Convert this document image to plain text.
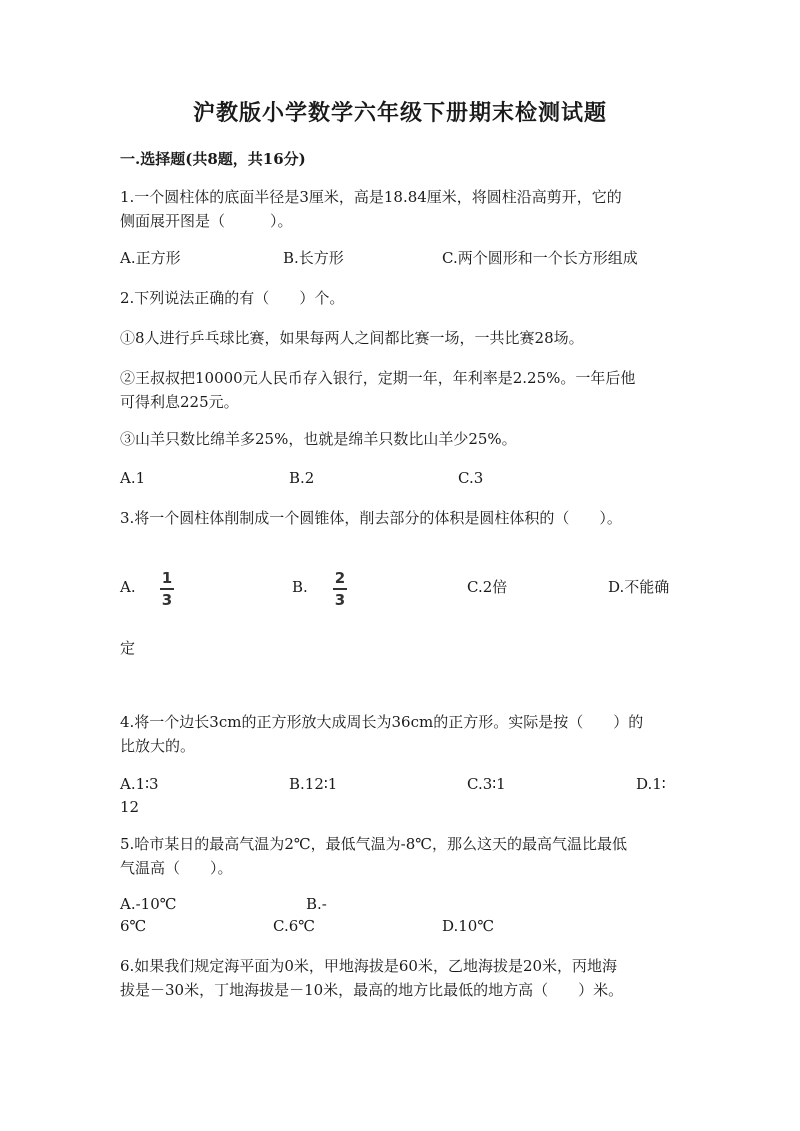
沪教版小学数学六年级下册期末检测试题
一.选择题(共8题，共16分)
1.一个圆柱体的底面半径是3厘米，高是18.84厘米，将圆柱沿高剪开，它的
侧面展开图是（　　　）。
A.正方形	B.长方形	C.两个圆形和一个长方形组成
2.下列说法正确的有（　　）个。
①8人进行乒乓球比赛，如果每两人之间都比赛一场，一共比赛28场。
②王叔叔把10000元人民币存入银行，定期一年，年利率是2.25%。一年后他
可得利息225元。
③山羊只数比绵羊多25%，也就是绵羊只数比山羊少25%。
A.1	B.2	C.3
3.将一个圆柱体削制成一个圆锥体，削去部分的体积是圆柱体积的（　　）。
A. 1
3
B. 2
3
C.2倍	D.不能确
定
4.将一个边长3cm的正方形放大成周长为36cm的正方形。实际是按（　　）的
比放大的。
A.1∶3	B.12∶1	C.3∶1	D.1∶
12
5.哈市某日的最高气温为2℃，最低气温为-8℃，那么这天的最高气温比最低
气温高（　　）。
A.-10℃	B.-
6℃	C.6℃	D.10℃
6.如果我们规定海平面为0米，甲地海拔是60米，乙地海拔是20米，丙地海
拔是－30米，丁地海拔是－10米，最高的地方比最低的地方高（　　）米。
